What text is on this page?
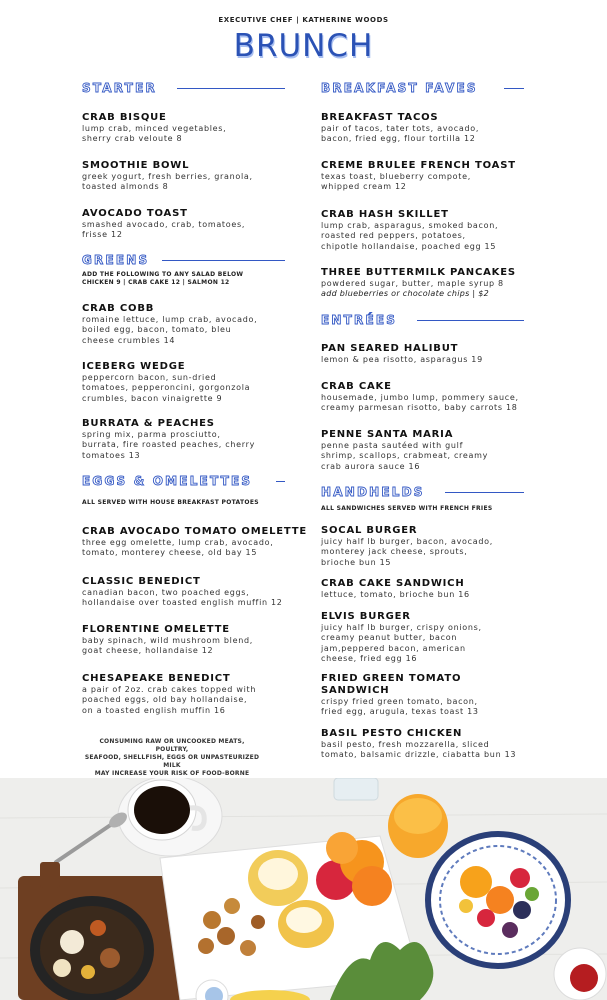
EXECUTIVE CHEF | KATHERINE WOODS
BRUNCH
STARTER
CRAB BISQUE
lump crab, minced vegetables,
sherry crab veloute 8
SMOOTHIE BOWL
greek yogurt, fresh berries, granola,
toasted almonds 8
AVOCADO TOAST
smashed avocado, crab, tomatoes,
frisse 12
GREENS
ADD THE FOLLOWING TO ANY SALAD BELOW
CHICKEN 9 | CRAB CAKE 12 | SALMON 12
CRAB COBB
romaine lettuce, lump crab, avocado,
boiled egg, bacon, tomato, bleu
cheese crumbles 14
ICEBERG WEDGE
peppercorn bacon, sun-dried
tomatoes, pepperoncini, gorgonzola
crumbles, bacon vinaigrette 9
BURRATA & PEACHES
spring mix, parma prosciutto,
burrata, fire roasted peaches, cherry
tomatoes 13
EGGS & OMELETTES
ALL SERVED WITH HOUSE BREAKFAST POTATOES
CRAB AVOCADO TOMATO OMELETTE
three egg omelette, lump crab, avocado,
tomato, monterey cheese, old bay 15
CLASSIC BENEDICT
canadian bacon, two poached eggs,
hollandaise over toasted english muffin 12
FLORENTINE OMELETTE
baby spinach, wild mushroom blend,
goat cheese, hollandaise 12
CHESAPEAKE BENEDICT
a pair of 2oz. crab cakes topped with
poached eggs, old bay hollandaise,
on a toasted english muffin 16
CONSUMING RAW OR UNCOOKED MEATS, POULTRY,
SEAFOOD, SHELLFISH, EGGS OR UNPASTEURIZED MILK
MAY INCREASE YOUR RISK OF FOOD-BORNE
BREAKFAST FAVES
BREAKFAST TACOS
pair of tacos, tater tots, avocado,
bacon, fried egg, flour tortilla 12
CREME BRULEE FRENCH TOAST
texas toast, blueberry compote,
whipped cream 12
CRAB HASH SKILLET
lump crab, asparagus, smoked bacon,
roasted red peppers, potatoes,
chipotle hollandaise, poached egg 15
THREE BUTTERMILK PANCAKES
powdered sugar, butter, maple syrup 8
add blueberries or chocolate chips | $2
ENTRÉES
PAN SEARED HALIBUT
lemon & pea risotto, asparagus 19
CRAB CAKE
housemade, jumbo lump, pommery sauce,
creamy parmesan risotto, baby carrots 18
PENNE SANTA MARIA
penne pasta sautéed with gulf
shrimp, scallops, crabmeat, creamy
crab aurora sauce 16
HANDHELDS
ALL SANDWICHES SERVED WITH FRENCH FRIES
SOCAL BURGER
juicy half lb burger, bacon, avocado,
monterey jack cheese, sprouts,
brioche bun 15
CRAB CAKE SANDWICH
lettuce, tomato, brioche bun 16
ELVIS BURGER
juicy half lb burger, crispy onions,
creamy peanut butter, bacon
jam,peppered bacon, american
cheese, fried egg 16
FRIED GREEN TOMATO
SANDWICH
crispy fried green tomato, bacon,
fried egg, arugula, texas toast 13
BASIL PESTO CHICKEN
basil pesto, fresh mozzarella, sliced
tomato, balsamic drizzle, ciabatta bun 13
